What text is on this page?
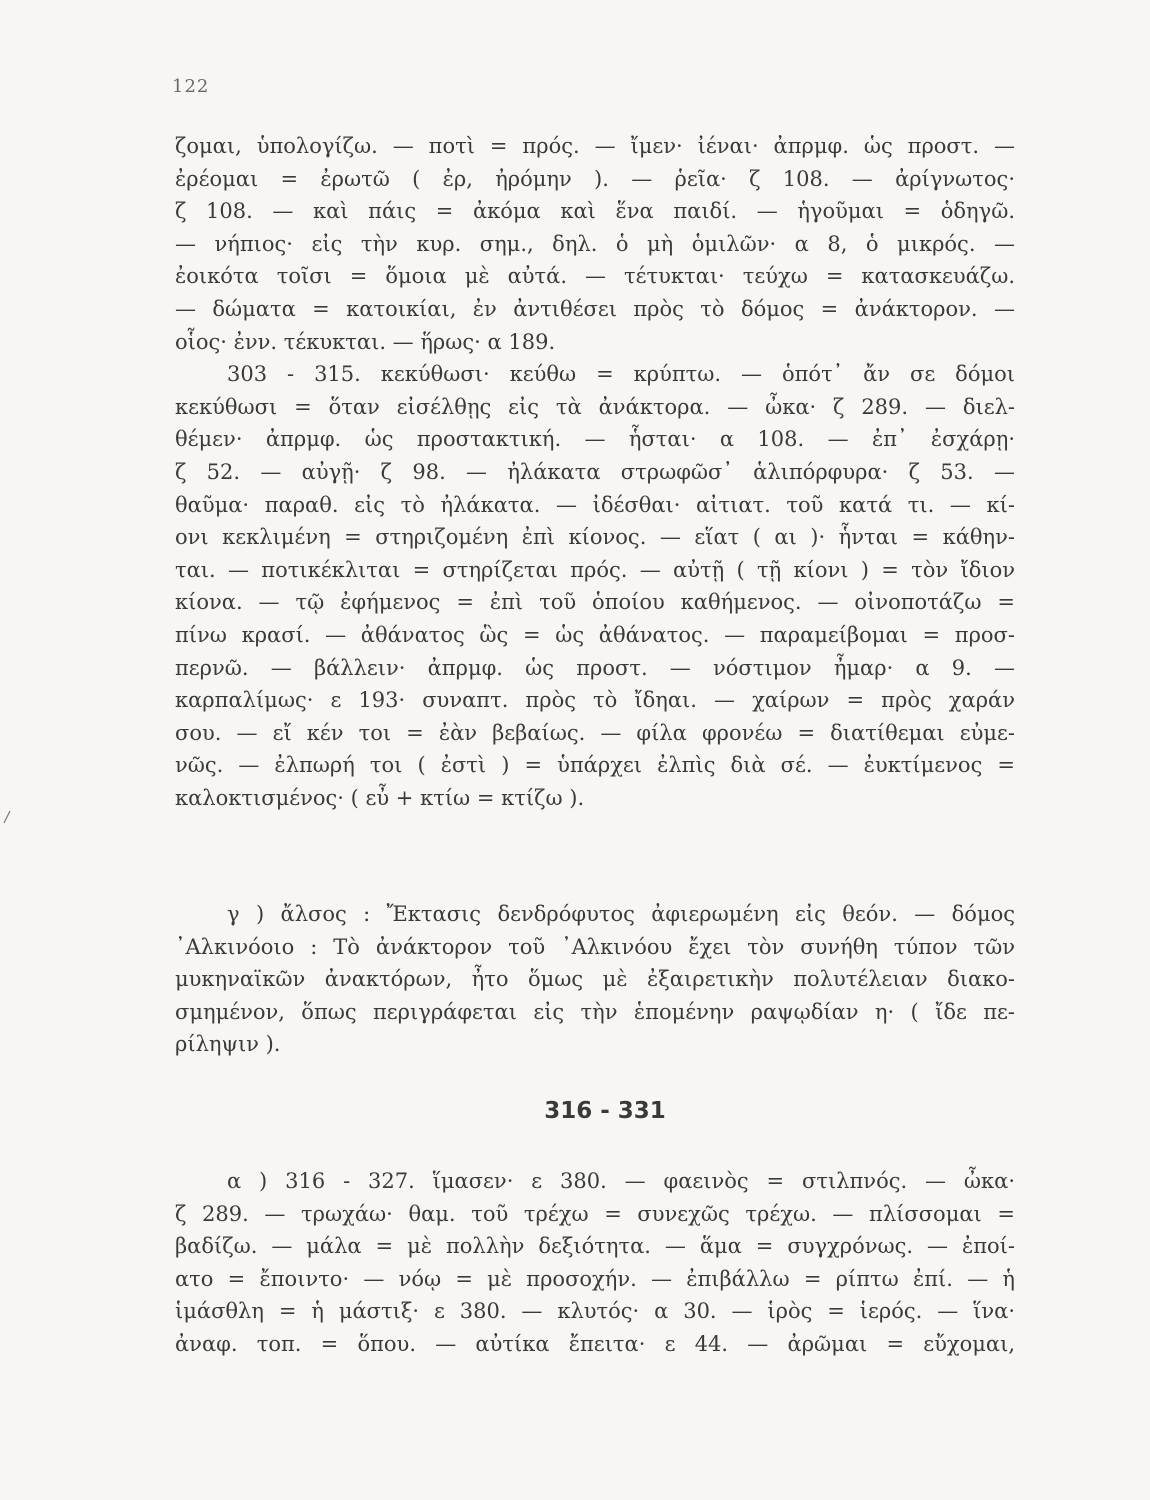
122
ζομαι, ὑπολογίζω. — ποτὶ = πρός. — ἴμεν· ἰέναι· ἀπρμφ. ὡς προστ. —
ἐρέομαι = ἐρωτῶ ( ἐρ, ἠρόμην ). — ῥεῖα· ζ 108. — ἀρίγνωτος·
ζ 108. — καὶ πάις = ἀκόμα καὶ ἕνα παιδί. — ἡγοῦμαι = ὁδηγῶ.
— νήπιος· εἰς τὴν κυρ. σημ., δηλ. ὁ μὴ ὁμιλῶν· α 8, ὁ μικρός. —
ἐοικότα τοῖσι = ὅμοια μὲ αὐτά. — τέτυκται· τεύχω = κατασκευάζω.
— δώματα = κατοικίαι, ἐν ἀντιθέσει πρὸς τὸ δόμος = ἀνάκτορον. —
οἷος· ἐνν. τέκυκται. — ἥρως· α 189.
303 - 315. κεκύθωσι· κεύθω = κρύπτω. — ὁπότ᾽ ἄν σε δόμοι
κεκύθωσι = ὅταν εἰσέλθῃς εἰς τὰ ἀνάκτορα. — ὦκα· ζ 289. — διελ-
θέμεν· ἀπρμφ. ὡς προστακτική. — ἧσται· α 108. — ἐπ᾽ ἐσχάρῃ·
ζ 52. — αὐγῇ· ζ 98. — ἠλάκατα στρωφῶσ᾽ ἁλιπόρφυρα· ζ 53. —
θαῦμα· παραθ. εἰς τὸ ἠλάκατα. — ἰδέσθαι· αἰτιατ. τοῦ κατά τι. — κί-
ονι κεκλιμένη = στηριζομένη ἐπὶ κίονος. — εἵατ ( αι )· ἧνται = κάθην-
ται. — ποτικέκλιται = στηρίζεται πρός. — αὐτῇ ( τῇ κίονι ) = τὸν ἴδιον
κίονα. — τῷ ἐφήμενος = ἐπὶ τοῦ ὁποίου καθήμενος. — οἰνοποτάζω =
πίνω κρασί. — ἀθάνατος ὣς = ὡς ἀθάνατος. — παραμείβομαι = προσ-
περνῶ. — βάλλειν· ἀπρμφ. ὡς προστ. — νόστιμον ἦμαρ· α 9. —
καρπαλίμως· ε 193· συναπτ. πρὸς τὸ ἴδηαι. — χαίρων = πρὸς χαράν
σου. — εἴ κέν τοι = ἐὰν βεβαίως. — φίλα φρονέω = διατίθεμαι εὐμε-
νῶς. — ἐλπωρή τοι ( ἐστὶ ) = ὑπάρχει ἐλπὶς διὰ σέ. — ἐυκτίμενος =
καλοκτισμένος· ( εὖ + κτίω = κτίζω ).
γ ) ἄλσος : Ἔκτασις δενδρόφυτος ἀφιερωμένη εἰς θεόν. — δόμος
᾽Αλκινόοιο : Τὸ ἀνάκτορον τοῦ ᾽Αλκινόου ἔχει τὸν συνήθη τύπον τῶν
μυκηναϊκῶν ἀνακτόρων, ἦτο ὅμως μὲ ἐξαιρετικὴν πολυτέλειαν διακο-
σμημένον, ὅπως περιγράφεται εἰς τὴν ἑπομένην ραψῳδίαν η· ( ἴδε πε-
ρίληψιν ).
316 - 331
α ) 316 - 327. ἵμασεν· ε 380. — φαεινὸς = στιλπνός. — ὦκα·
ζ 289. — τρωχάω· θαμ. τοῦ τρέχω = συνεχῶς τρέχω. — πλίσσομαι =
βαδίζω. — μάλα = μὲ πολλὴν δεξιότητα. — ἅμα = συγχρόνως. — ἐποί-
ατο = ἔποιντο· — νόῳ = μὲ προσοχήν. — ἐπιβάλλω = ρίπτω ἐπί. — ἡ
ἱμάσθλη = ἡ μάστιξ· ε 380. — κλυτός· α 30. — ἱρὸς = ἱερός. — ἵνα·
ἀναφ. τοπ. = ὅπου. — αὐτίκα ἔπειτα· ε 44. — ἀρῶμαι = εὔχομαι,
